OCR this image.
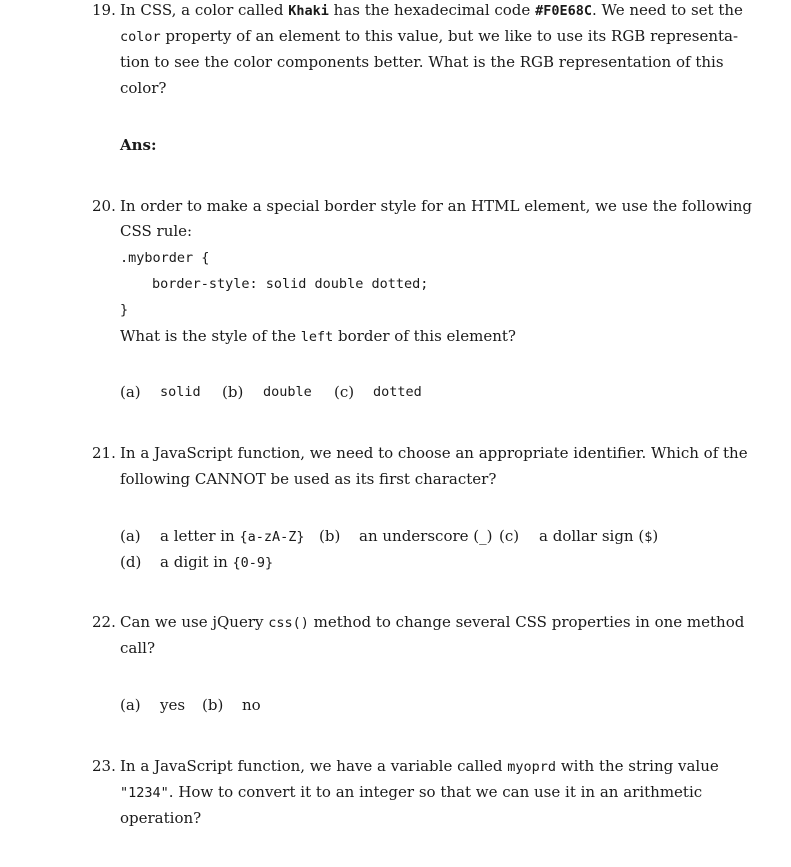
19. In CSS, a color called Khaki has the hexadecimal code #F0E68C. We need to set the
color property of an element to this value, but we like to use its RGB representa-
tion to see the color components better. What is the RGB representation of this
color?
Ans:
20. In order to make a special border style for an HTML element, we use the following
CSS rule:
.myborder {
border-style: solid double dotted;
}
What is the style of the left border of this element?
(a) solid (b) double (c) dotted
21. In a JavaScript function, we need to choose an appropriate identifier. Which of the
following CANNOT be used as its first character?
(a) a letter in {a-zA-Z} (b) an underscore (_) (c) a dollar sign ($)
(d) a digit in {0-9}
22. Can we use jQuery css() method to change several CSS properties in one method
call?
(a) yes (b) no
23. In a JavaScript function, we have a variable called myoprd with the string value
"1234". How to convert it to an integer so that we can use it in an arithmetic
operation?
